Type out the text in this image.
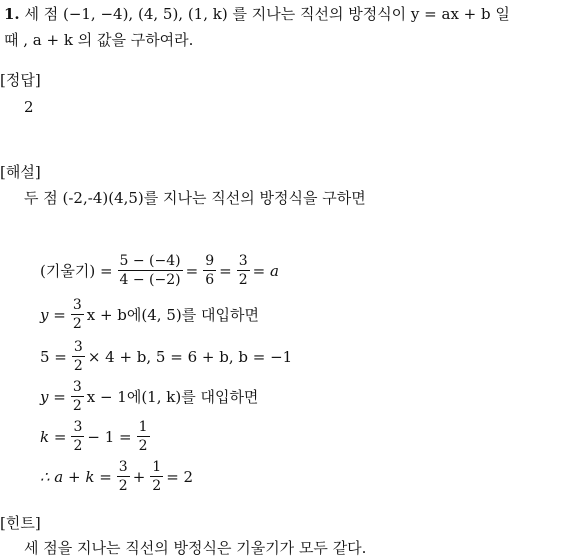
1. 세 점 (−1, −4), (4, 5), (1, k) 를 지나는 직선의 방정식이 y = ax + b 일
때 , a + k 의 값을 구하여라.
[정답]
2
[해설]
두 점 (-2,-4)(4,5)를 지나는 직선의 방정식을 구하면
(기울기) = $\frac{5 - (-4)}{4 - (-2)} = \frac{9}{6} = \frac{3}{2} = a$
$y = \frac{3}{2}$ x + b에(4, 5)를 대입하면
$5 = \frac{3}{2} \times 4 + b$, 5 = 6 + b, b = −1
$y = \frac{3}{2}$ x − 1에(1, k)를 대입하면
$k = \frac{3}{2} - 1 = \frac{1}{2}$
∴ $a + k = \frac{3}{2} + \frac{1}{2} = 2$
[힌트]
세 점을 지나는 직선의 방정식은 기울기가 모두 같다.
